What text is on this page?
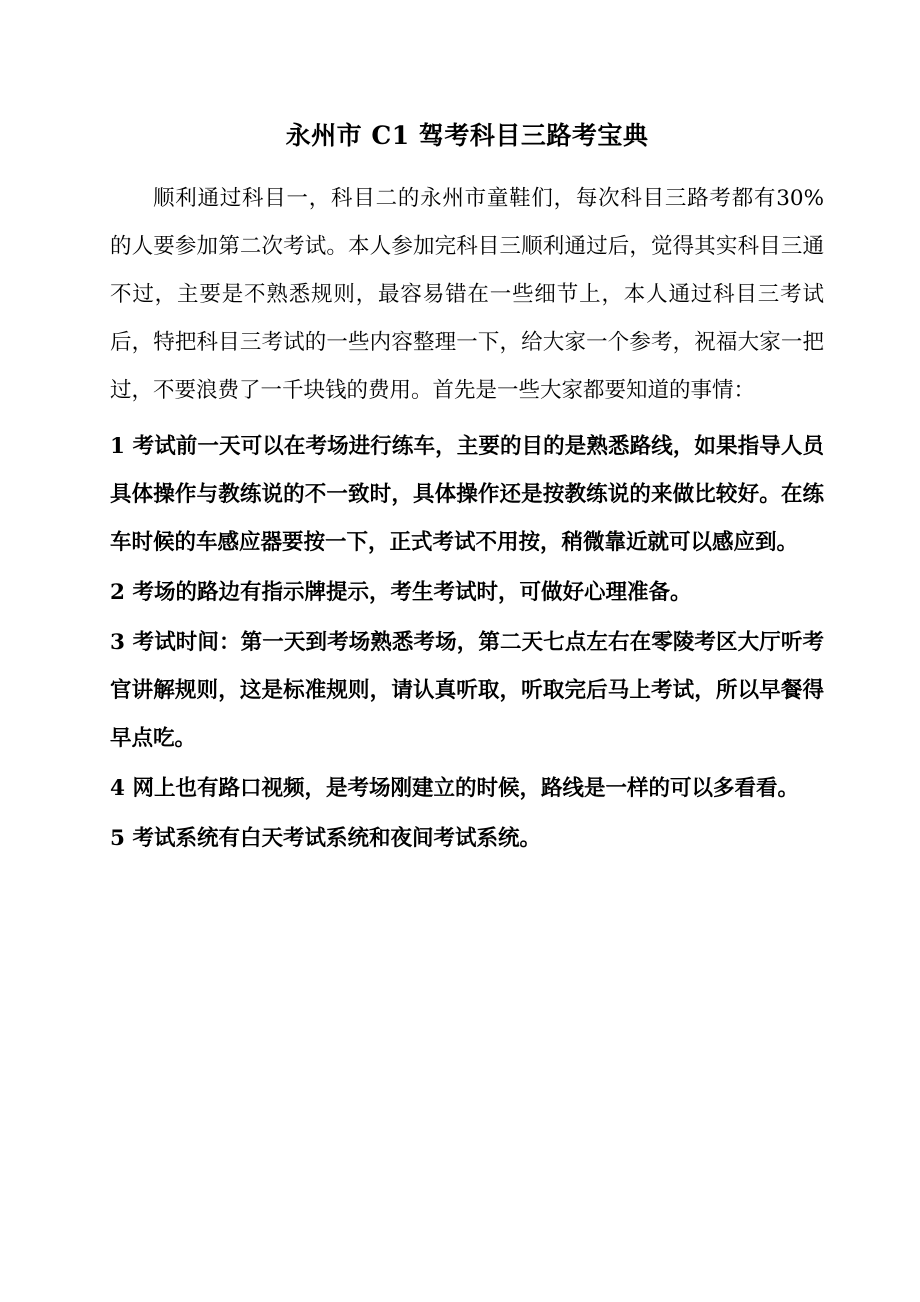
永州市 C1 驾考科目三路考宝典

顺利通过科目一，科目二的永州市童鞋们，每次科目三路考都有30%的人要参加第二次考试。本人参加完科目三顺利通过后，觉得其实科目三通不过，主要是不熟悉规则，最容易错在一些细节上，本人通过科目三考试后，特把科目三考试的一些内容整理一下，给大家一个参考，祝福大家一把过，不要浪费了一千块钱的费用。首先是一些大家都要知道的事情：

1 考试前一天可以在考场进行练车，主要的目的是熟悉路线，如果指导人员具体操作与教练说的不一致时，具体操作还是按教练说的来做比较好。在练车时候的车感应器要按一下，正式考试不用按，稍微靠近就可以感应到。

2 考场的路边有指示牌提示，考生考试时，可做好心理准备。

3 考试时间：第一天到考场熟悉考场，第二天七点左右在零陵考区大厅听考官讲解规则，这是标准规则，请认真听取，听取完后马上考试，所以早餐得早点吃。

4 网上也有路口视频，是考场刚建立的时候，路线是一样的可以多看看。

5 考试系统有白天考试系统和夜间考试系统。
